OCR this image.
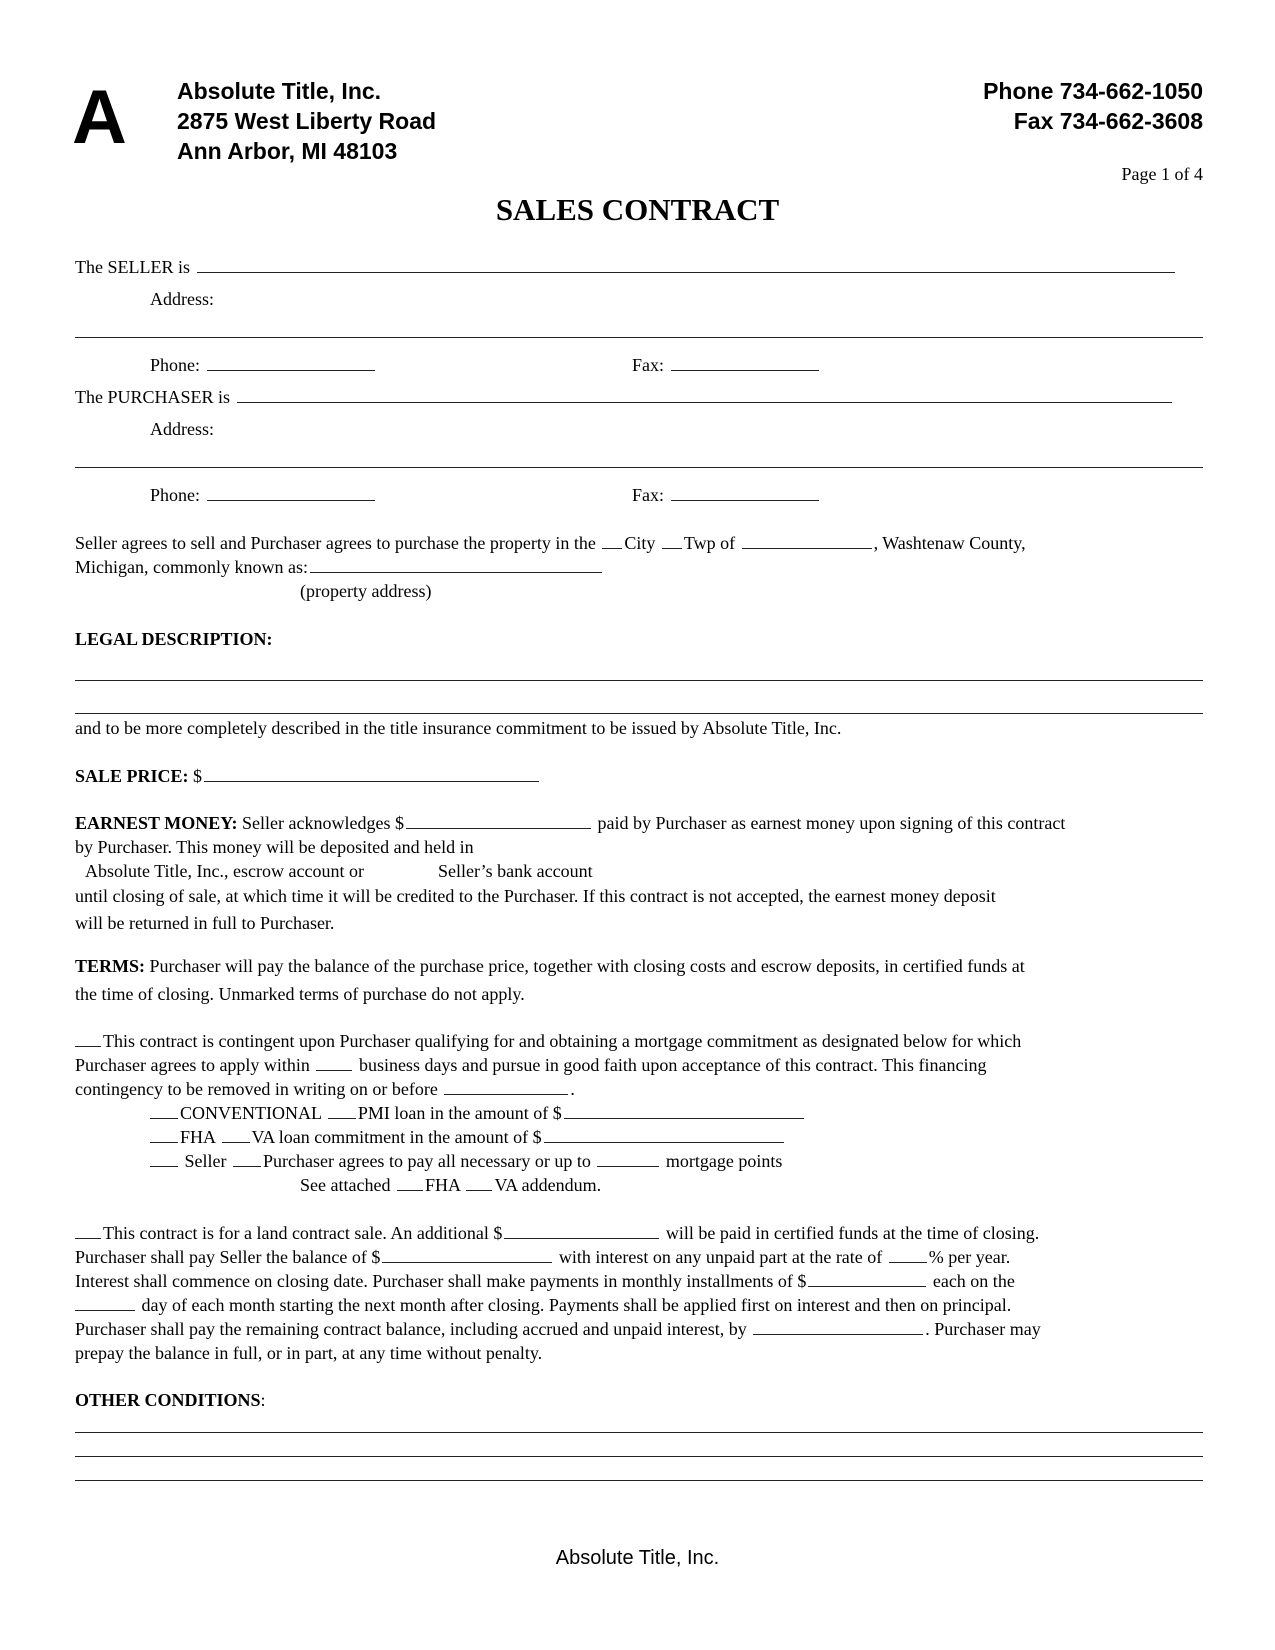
A Absolute Title, Inc.
2875 West Liberty Road
Ann Arbor, MI 48103
Phone 734-662-1050
Fax 734-662-3608
Page 1 of 4
SALES CONTRACT
The SELLER is
Address:
Phone:	Fax:
The PURCHASER is
Address:
Phone:	Fax:
Seller agrees to sell and Purchaser agrees to purchase the property in the City Twp of	, Washtenaw County,
Michigan, commonly known as:
(property address)
LEGAL DESCRIPTION:
and to be more completely described in the title insurance commitment to be issued by Absolute Title, Inc.
SALE PRICE: $
EARNEST MONEY: Seller acknowledges $	paid by Purchaser as earnest money upon signing of this contract
by Purchaser. This money will be deposited and held in
Absolute Title, Inc., escrow account or	Seller’s bank account
until closing of sale, at which time it will be credited to the Purchaser. If this contract is not accepted, the earnest money deposit
will be returned in full to Purchaser.
TERMS: Purchaser will pay the balance of the purchase price, together with closing costs and escrow deposits, in certified funds at
the time of closing. Unmarked terms of purchase do not apply.
This contract is contingent upon Purchaser qualifying for and obtaining a mortgage commitment as designated below for which
Purchaser agrees to apply within	business days and pursue in good faith upon acceptance of this contract. This financing
contingency to be removed in writing on or before	.
CONVENTIONAL PMI loan in the amount of $
FHA VA loan commitment in the amount of $
Seller Purchaser agrees to pay all necessary or up to	mortgage points
See attached FHA VA addendum.
This contract is for a land contract sale. An additional $	will be paid in certified funds at the time of closing.
Purchaser shall pay Seller the balance of $	with interest on any unpaid part at the rate of	% per year.
Interest shall commence on closing date. Purchaser shall make payments in monthly installments of $	each on the
day of each month starting the next month after closing. Payments shall be applied first on interest and then on principal.
Purchaser shall pay the remaining contract balance, including accrued and unpaid interest, by	. Purchaser may
prepay the balance in full, or in part, at any time without penalty.
OTHER CONDITIONS:
Absolute Title, Inc.
